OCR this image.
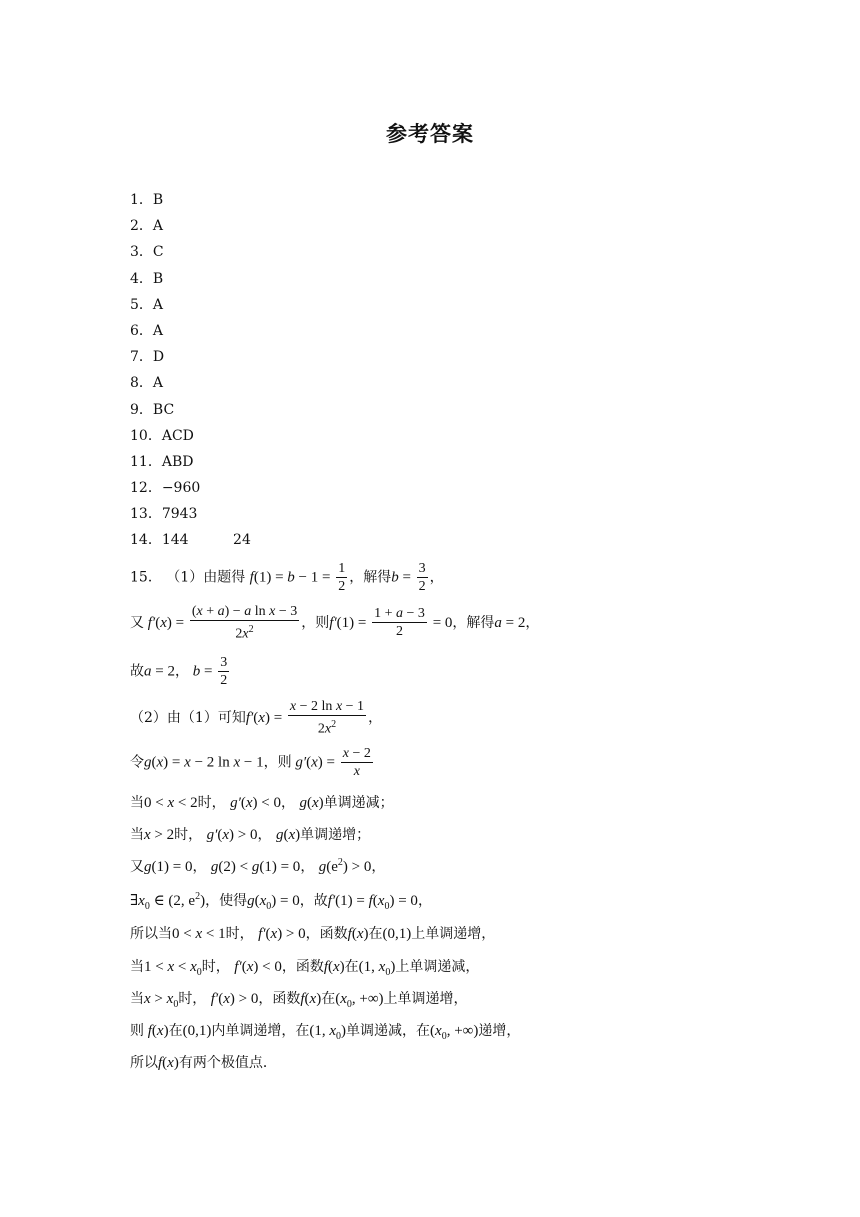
参考答案
1．B
2．A
3．C
4．B
5．A
6．A
7．D
8．A
9．BC
10．ACD
11．ABD
12．−960
13．7943
14．144          24
15． （1）由题得 $f(1) = b - 1 = \frac{1}{2}$ ，解得$b = \frac{3}{2}$ ，
又 $f'(x) = \frac{\text{(x + a) − a ln x − 3}}{2x^2}$ ，则$f'(1) = \frac{1 + a - 3}{2} = 0$，解得a = 2，
故a = 2， $b = \frac{3}{2}$
（2）由（1）可知$f'(x) = \frac{\text{x − 2 ln x − 1}}{2x^2}$ ，
令g(x) = x − 2 ln x − 1，则 $g'(x) = \frac{x - 2}{x}$
当0 < x < 2时， g′(x) < 0， g(x)单调递减；
当x > 2时， g′(x) > 0， g(x)单调递增；
又g(1) = 0， g(2) < g(1) = 0， $g(e^2) > 0$，
$\exists x_0$ ∈ (2, $e^2$)，使得$g(x_0) = 0$，故$f'(1) = f(x_0) = 0$，
所以当0 < x < 1时， f′(x) > 0，函数f(x)在(0,1)上单调递增，
当$1 < x < x_0$时， f′(x) < 0，函数f(x)在(1, $x_0$)上单调递减，
当$x > x_0$时， f′(x) > 0，函数f(x)在($x_0$, +∞)上单调递增，
则 f(x)在(0,1)内单调递增，在(1, $x_0$)单调递减，在($x_0$, +∞)递增，
所以f(x)有两个极值点．
